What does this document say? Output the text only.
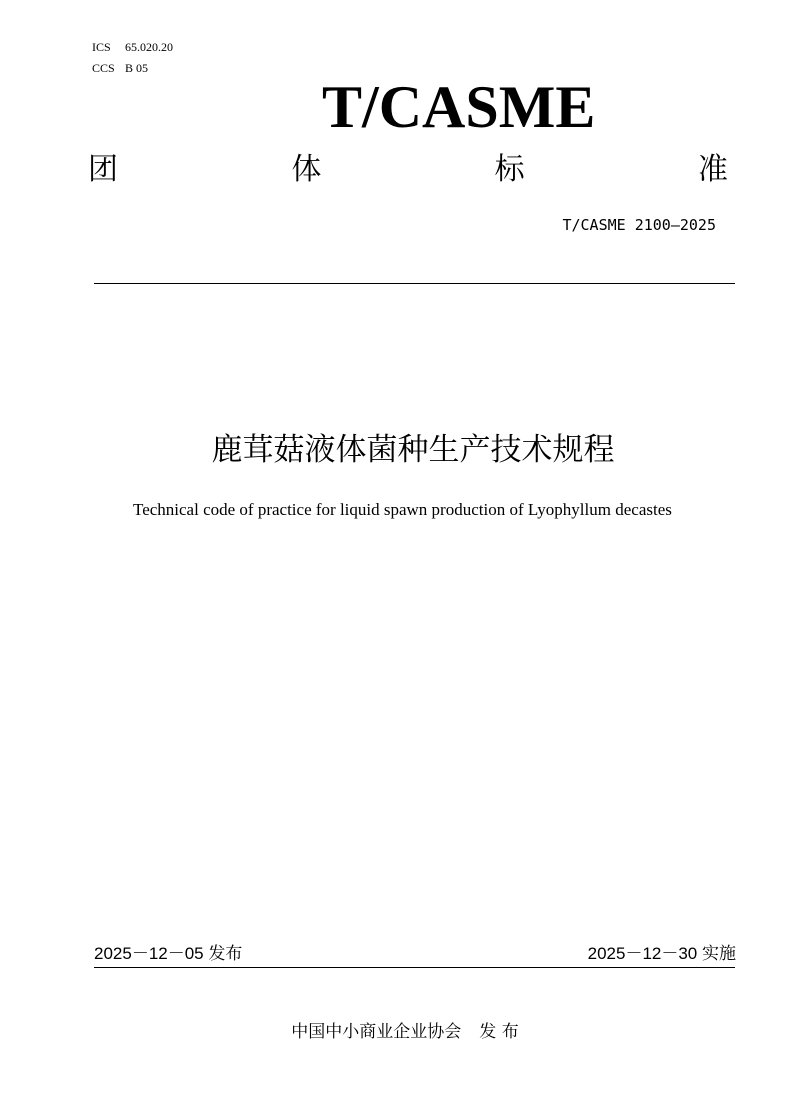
ICS 65.020.20
CCS B 05
T/CASME
团	体	标	准
T/CASME 2100—2025
鹿茸菇液体菌种生产技术规程
Technical code of practice for liquid spawn production of Lyophyllum decastes
2025－12－05 发布	2025－12－30 实施
中国中小商业企业协会 发 布
